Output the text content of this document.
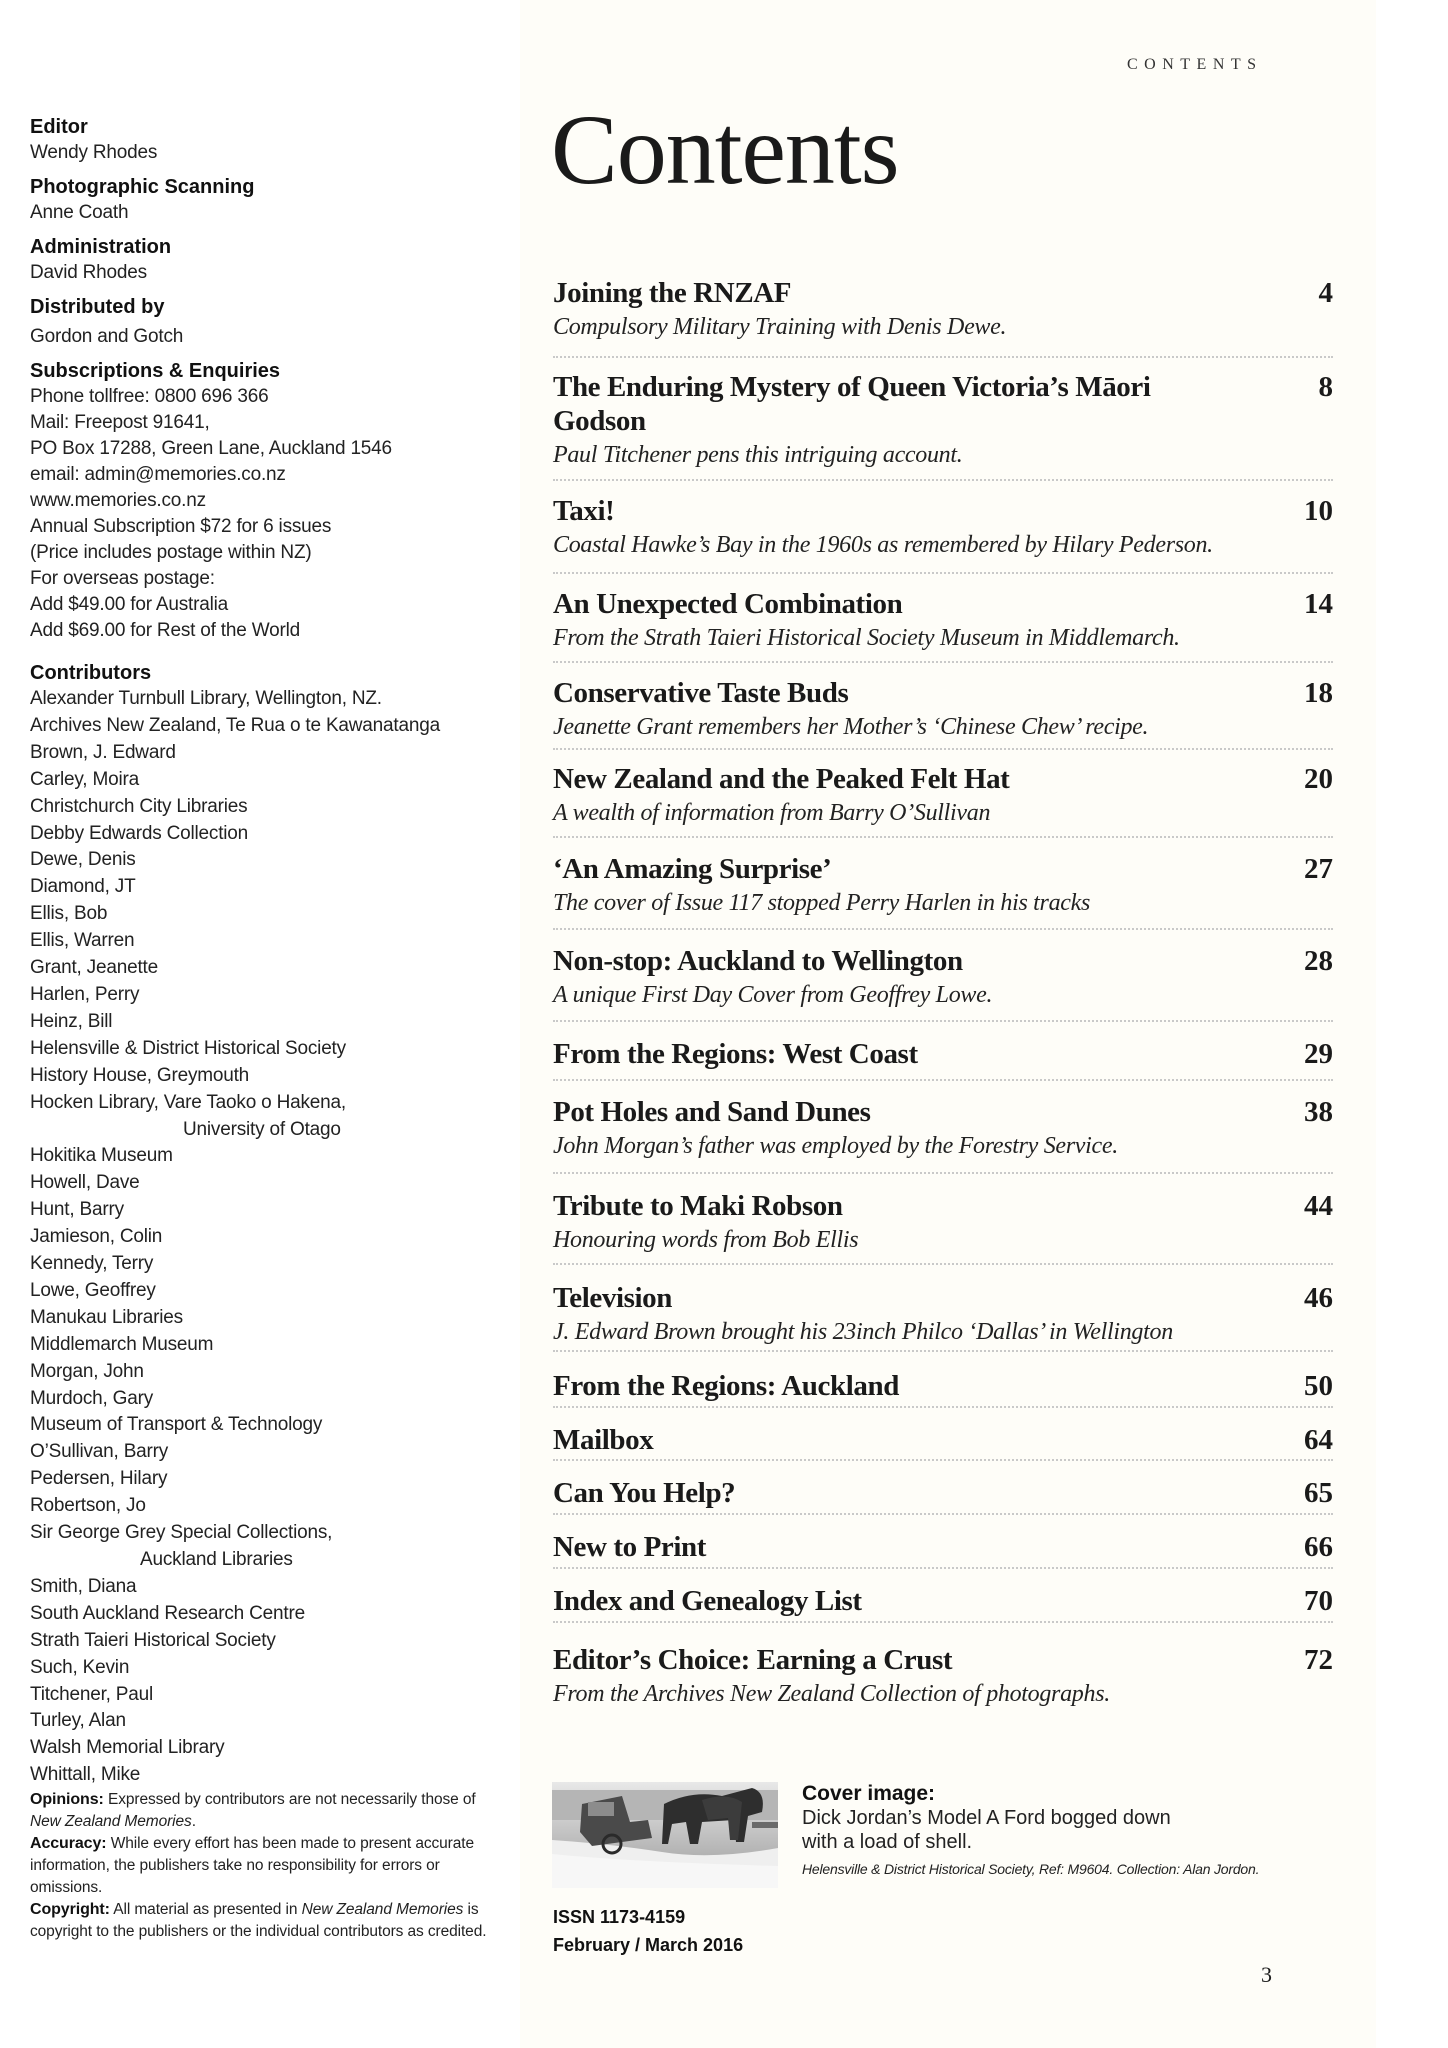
Editor
Wendy Rhodes
Photographic Scanning
Anne Coath
Administration
David Rhodes
Distributed by
Gordon and Gotch
Subscriptions & Enquiries
Phone tollfree: 0800 696 366
Mail: Freepost 91641,
PO Box 17288, Green Lane, Auckland 1546
email: admin@memories.co.nz
www.memories.co.nz
Annual Subscription $72 for 6 issues
(Price includes postage within NZ)
For overseas postage:
Add $49.00 for Australia
Add $69.00 for Rest of the World
Contributors
Alexander Turnbull Library, Wellington, NZ.
Archives New Zealand, Te Rua o te Kawanatanga
Brown, J. Edward
Carley, Moira
Christchurch City Libraries
Debby Edwards Collection
Dewe, Denis
Diamond, JT
Ellis, Bob
Ellis, Warren
Grant, Jeanette
Harlen, Perry
Heinz, Bill
Helensville & District Historical Society
History House, Greymouth
Hocken Library, Vare Taoko o Hakena,
University of Otago
Hokitika Museum
Howell, Dave
Hunt, Barry
Jamieson, Colin
Kennedy, Terry
Lowe, Geoffrey
Manukau Libraries
Middlemarch Museum
Morgan, John
Murdoch, Gary
Museum of Transport & Technology
O’Sullivan, Barry
Pedersen, Hilary
Robertson, Jo
Sir George Grey Special Collections,
Auckland Libraries
Smith, Diana
South Auckland Research Centre
Strath Taieri Historical Society
Such, Kevin
Titchener, Paul
Turley, Alan
Walsh Memorial Library
Whittall, Mike
Opinions: Expressed by contributors are not necessarily those of New Zealand Memories.
Accuracy: While every effort has been made to present accurate information, the publishers take no responsibility for errors or omissions.
Copyright: All material as presented in New Zealand Memories is copyright to the publishers or the individual contributors as credited.
CONTENTS
Contents
Joining the RNZAF	4
Compulsory Military Training with Denis Dewe.
The Enduring Mystery of Queen Victoria’s Māori Godson
8
Paul Titchener pens this intriguing account.
Taxi!	10
Coastal Hawke’s Bay in the 1960s as remembered by Hilary Pederson.
An Unexpected Combination	14
From the Strath Taieri Historical Society Museum in Middlemarch.
Conservative Taste Buds	18
Jeanette Grant remembers her Mother’s ‘Chinese Chew’ recipe.
New Zealand and the Peaked Felt Hat	20
A wealth of information from Barry O’Sullivan
‘An Amazing Surprise’	27
The cover of Issue 117 stopped Perry Harlen in his tracks
Non-stop: Auckland to Wellington	28
A unique First Day Cover from Geoffrey Lowe.
From the Regions: West Coast	29
Pot Holes and Sand Dunes	38
John Morgan’s father was employed by the Forestry Service.
Tribute to Maki Robson	44
Honouring words from Bob Ellis
Television	46
J. Edward Brown brought his 23inch Philco ‘Dallas’ in Wellington
From the Regions: Auckland	50
Mailbox	64
Can You Help?	65
New to Print	66
Index and Genealogy List	70
Editor’s Choice: Earning a Crust	72
From the Archives New Zealand Collection of photographs.
Cover image:
Dick Jordan’s Model A Ford bogged down
with a load of shell.
Helensville & District Historical Society, Ref: M9604. Collection: Alan Jordon.
ISSN 1173-4159
February / March 2016
3
